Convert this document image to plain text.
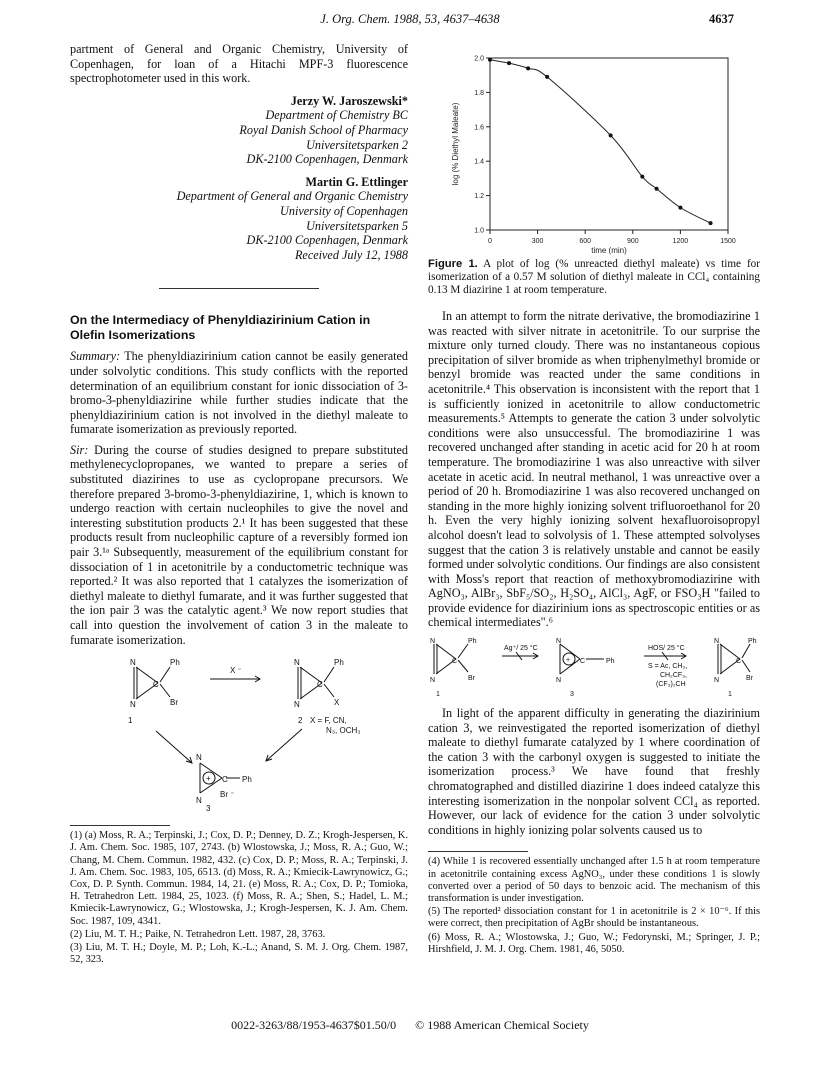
J. Org. Chem. 1988, 53, 4637–4638	4637

partment of General and Organic Chemistry, University of Copenhagen, for loan of a Hitachi MPF-3 fluorescence spectrophotometer used in this work.

Jerzy W. Jaroszewski*

Department of Chemistry BC
Royal Danish School of Pharmacy
Universitetsparken 2
DK-2100 Copenhagen, Denmark

Martin G. Ettlinger

Department of General and Organic Chemistry
University of Copenhagen
Universitetsparken 5
DK-2100 Copenhagen, Denmark

Received July 12, 1988

On the Intermediacy of Phenyldiazirinium Cation in Olefin Isomerizations

Summary: The phenyldiazirinium cation cannot be easily generated under solvolytic conditions. This study conflicts with the reported determination of an equilibrium constant for ionic dissociation of 3-bromo-3-phenyldiazirine while further studies indicate that the phenyldiazirinium cation is not involved in the diethyl maleate to fumarate isomerization as previously reported.

Sir: During the course of studies designed to prepare substituted methylenecyclopropanes, we wanted to prepare a series of substituted diazirines to use as cyclopropane precursors. We therefore prepared 3-bromo-3-phenyldiazirine, 1, which is known to undergo reaction with certain nucleophiles to give the novel and interesting substitution products 2.¹ It has been suggested that these products result from nucleophilic capture of a reversibly formed ion pair 3.¹ᵃ Subsequently, measurement of the equilibrium constant for dissociation of 1 in acetonitrile by a conductometric technique was reported.² It was also reported that 1 catalyzes the isomerization of diethyl maleate to diethyl fumarate, and it was further suggested that the ion pair 3 was the catalytic agent.³ We now report studies that call into question the involvement of cation 3 in the maleate to fumarate isomerization.

N
N
C
Ph
Br
1
X ⁻
N
N
C
Ph
X
2 X = F, CN,
N₃, OCH₃
N
N
+ C Ph
Br ⁻
3

(1) (a) Moss, R. A.; Terpinski, J.; Cox, D. P.; Denney, D. Z.; Krogh-Jespersen, K. J. Am. Chem. Soc. 1985, 107, 2743. (b) Wlostowska, J.; Moss, R. A.; Guo, W.; Chang, M. Chem. Commun. 1982, 432. (c) Cox, D. P.; Moss, R. A.; Terpinski, J. J. Am. Chem. Soc. 1983, 105, 6513. (d) Moss, R. A.; Kmiecik-Lawrynowicz, G.; Cox, D. P. Synth. Commun. 1984, 14, 21. (e) Moss, R. A.; Cox, D. P.; Tomioka, H. Tetrahedron Lett. 1984, 25, 1023. (f) Moss, R. A.; Shen, S.; Hadel, L. M.; Kmiecik-Lawrynowicz, G.; Wlostowska, J.; Krogh-Jespersen, K. J. Am. Chem. Soc. 1987, 109, 4341.

(2) Liu, M. T. H.; Paike, N. Tetrahedron Lett. 1987, 28, 3763.

(3) Liu, M. T. H.; Doyle, M. P.; Loh, K.-L.; Anand, S. M. J. Org. Chem. 1987, 52, 323.

0	300	600	900	1200	1500
1.0
1.2
1.4
1.6
1.8
2.0
time (min)
log (% Diethyl Maleate)

Figure 1. A plot of log (% unreacted diethyl maleate) vs time for isomerization of a 0.57 M solution of diethyl maleate in CCl₄ containing 0.13 M diazirine 1 at room temperature.

In an attempt to form the nitrate derivative, the bromodiazirine 1 was reacted with silver nitrate in acetonitrile. To our surprise the mixture only turned cloudy. There was no instantaneous copious precipitation of silver bromide as when triphenylmethyl bromide or benzyl bromide was reacted under the same conditions in acetonitrile.⁴ This observation is inconsistent with the report that 1 is sufficiently ionized in acetonitrile to allow conductometric measurements.⁵ Attempts to generate the cation 3 under solvolytic conditions were also unsuccessful. The bromodiazirine 1 was recovered unchanged after standing in acetic acid for 20 h at room temperature. The bromodiazirine 1 was also unreactive with silver acetate in acetic acid. In neutral methanol, 1 was unreactive over a period of 20 h. Bromodiazirine 1 was also recovered unchanged on standing in the more highly ionizing solvent trifluoroethanol for 20 h. Even the very highly ionizing solvent hexafluoroisopropyl alcohol doesn't lead to solvolysis of 1. These attempted solvolyses suggest that the cation 3 is relatively unstable and cannot be easily formed under solvolytic conditions. Our findings are also consistent with Moss's report that reaction of methoxybromodiazirine with AgNO₃, AlBr₃, SbF₅/SO₂, H₂SO₄, AlCl₃, AgF, or FSO₃H "failed to provide evidence for diazirinium ions as spectroscopic entities or as chemical intermediates".⁶

N
N
C
Ph
Br
1
Ag⁺/ 25 °C
N
N
+ C	Ph
3
HOS/ 25 °C
S = Ac, CH₃,
CH₂CF₃,
(CF₃)₂CH
N
N
C
Ph
Br
1

In light of the apparent difficulty in generating the diazirinium cation 3, we reinvestigated the reported isomerization of diethyl maleate to diethyl fumarate catalyzed by 1 where coordination of the cation 3 with the carbonyl oxygen is suggested to initiate the isomerization process.³ We have found that freshly chromatographed and distilled diazirine 1 does indeed catalyze this interesting isomerization in the nonpolar solvent CCl₄ as reported. However, our lack of evidence for the cation 3 under solvolytic conditions in highly ionizing polar solvents caused us to

(4) While 1 is recovered essentially unchanged after 1.5 h at room temperature in acetonitrile containing excess AgNO₃, under these conditions 1 is slowly converted over a period of 50 days to benzoic acid. The mechanism of this transformation is under investigation.

(5) The reported² dissociation constant for 1 in acetonitrile is 2 × 10⁻⁶. If this were correct, then precipitation of AgBr should be instantaneous.

(6) Moss, R. A.; Wlostowska, J.; Guo, W.; Fedorynski, M.; Springer, J. P.; Hirshfield, J. M. J. Org. Chem. 1981, 46, 5050.

0022-3263/88/1953-4637$01.50/0 © 1988 American Chemical Society
